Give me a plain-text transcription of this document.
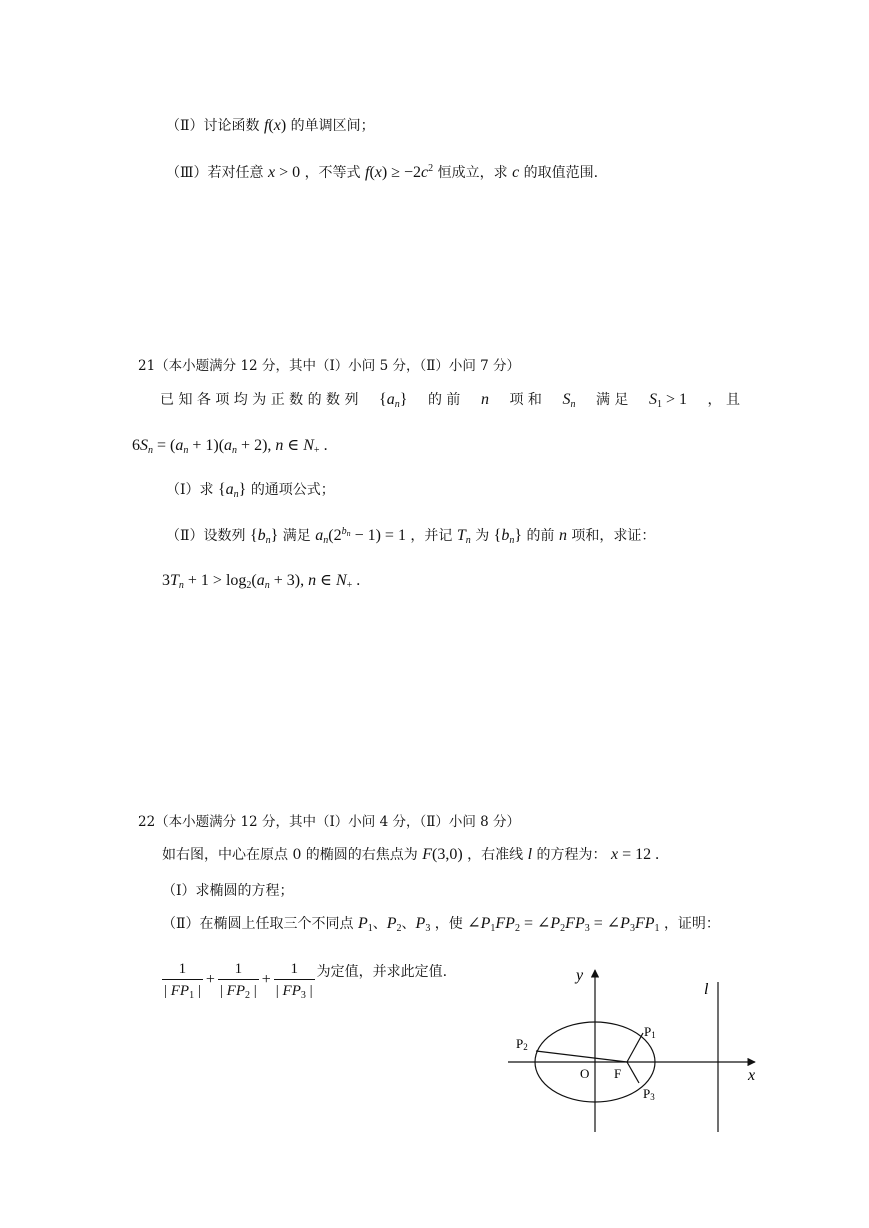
（Ⅱ）讨论函数 f(x) 的单调区间；
（Ⅲ）若对任意 x > 0 ，不等式 $f(x) \ge -2c^2$ 恒成立，求 c 的取值范围.
21（本小题满分 12 分，其中（Ⅰ）小问 5 分，（Ⅱ）小问 7 分）
已 知 各 项 均 为 正 数 的 数 列 $\{a_n\}$ 的 前 n 项 和 $S_n$ 满 足 $S_1 > 1$ ， 且
$6S_n = (a_n + 1)(a_n + 2)$, n ∈ $N_+$ .
（Ⅰ）求 $\{a_n\}$ 的通项公式；
（Ⅱ）设数列 $\{b_n\}$ 满足 $a_n(2^{b_n} - 1) = 1$ ，并记 $T_n$ 为 $\{b_n\}$ 的前 n 项和，求证：
$3T_n + 1 > \log_2(a_n + 3)$, n ∈ $N_+$ .
22（本小题满分 12 分，其中（Ⅰ）小问 4 分，（Ⅱ）小问 8 分）
如右图，中心在原点 0 的椭圆的右焦点为 F(3,0) ，右准线 l 的方程为： x = 12 .
（Ⅰ）求椭圆的方程；
（Ⅱ）在椭圆上任取三个不同点 $P_1$、$P_2$、$P_3$ ，使 $\angle P_1FP_2$ = $\angle P_2FP_3$ = $\angle P_3FP_1$ ，证明：
$\frac{1}{| FP_1 |} + \frac{1}{| FP_2 |} + \frac{1}{| FP_3 |}$ 为定值，并求此定值.	y
x
l
O F
P1
P2
P3
